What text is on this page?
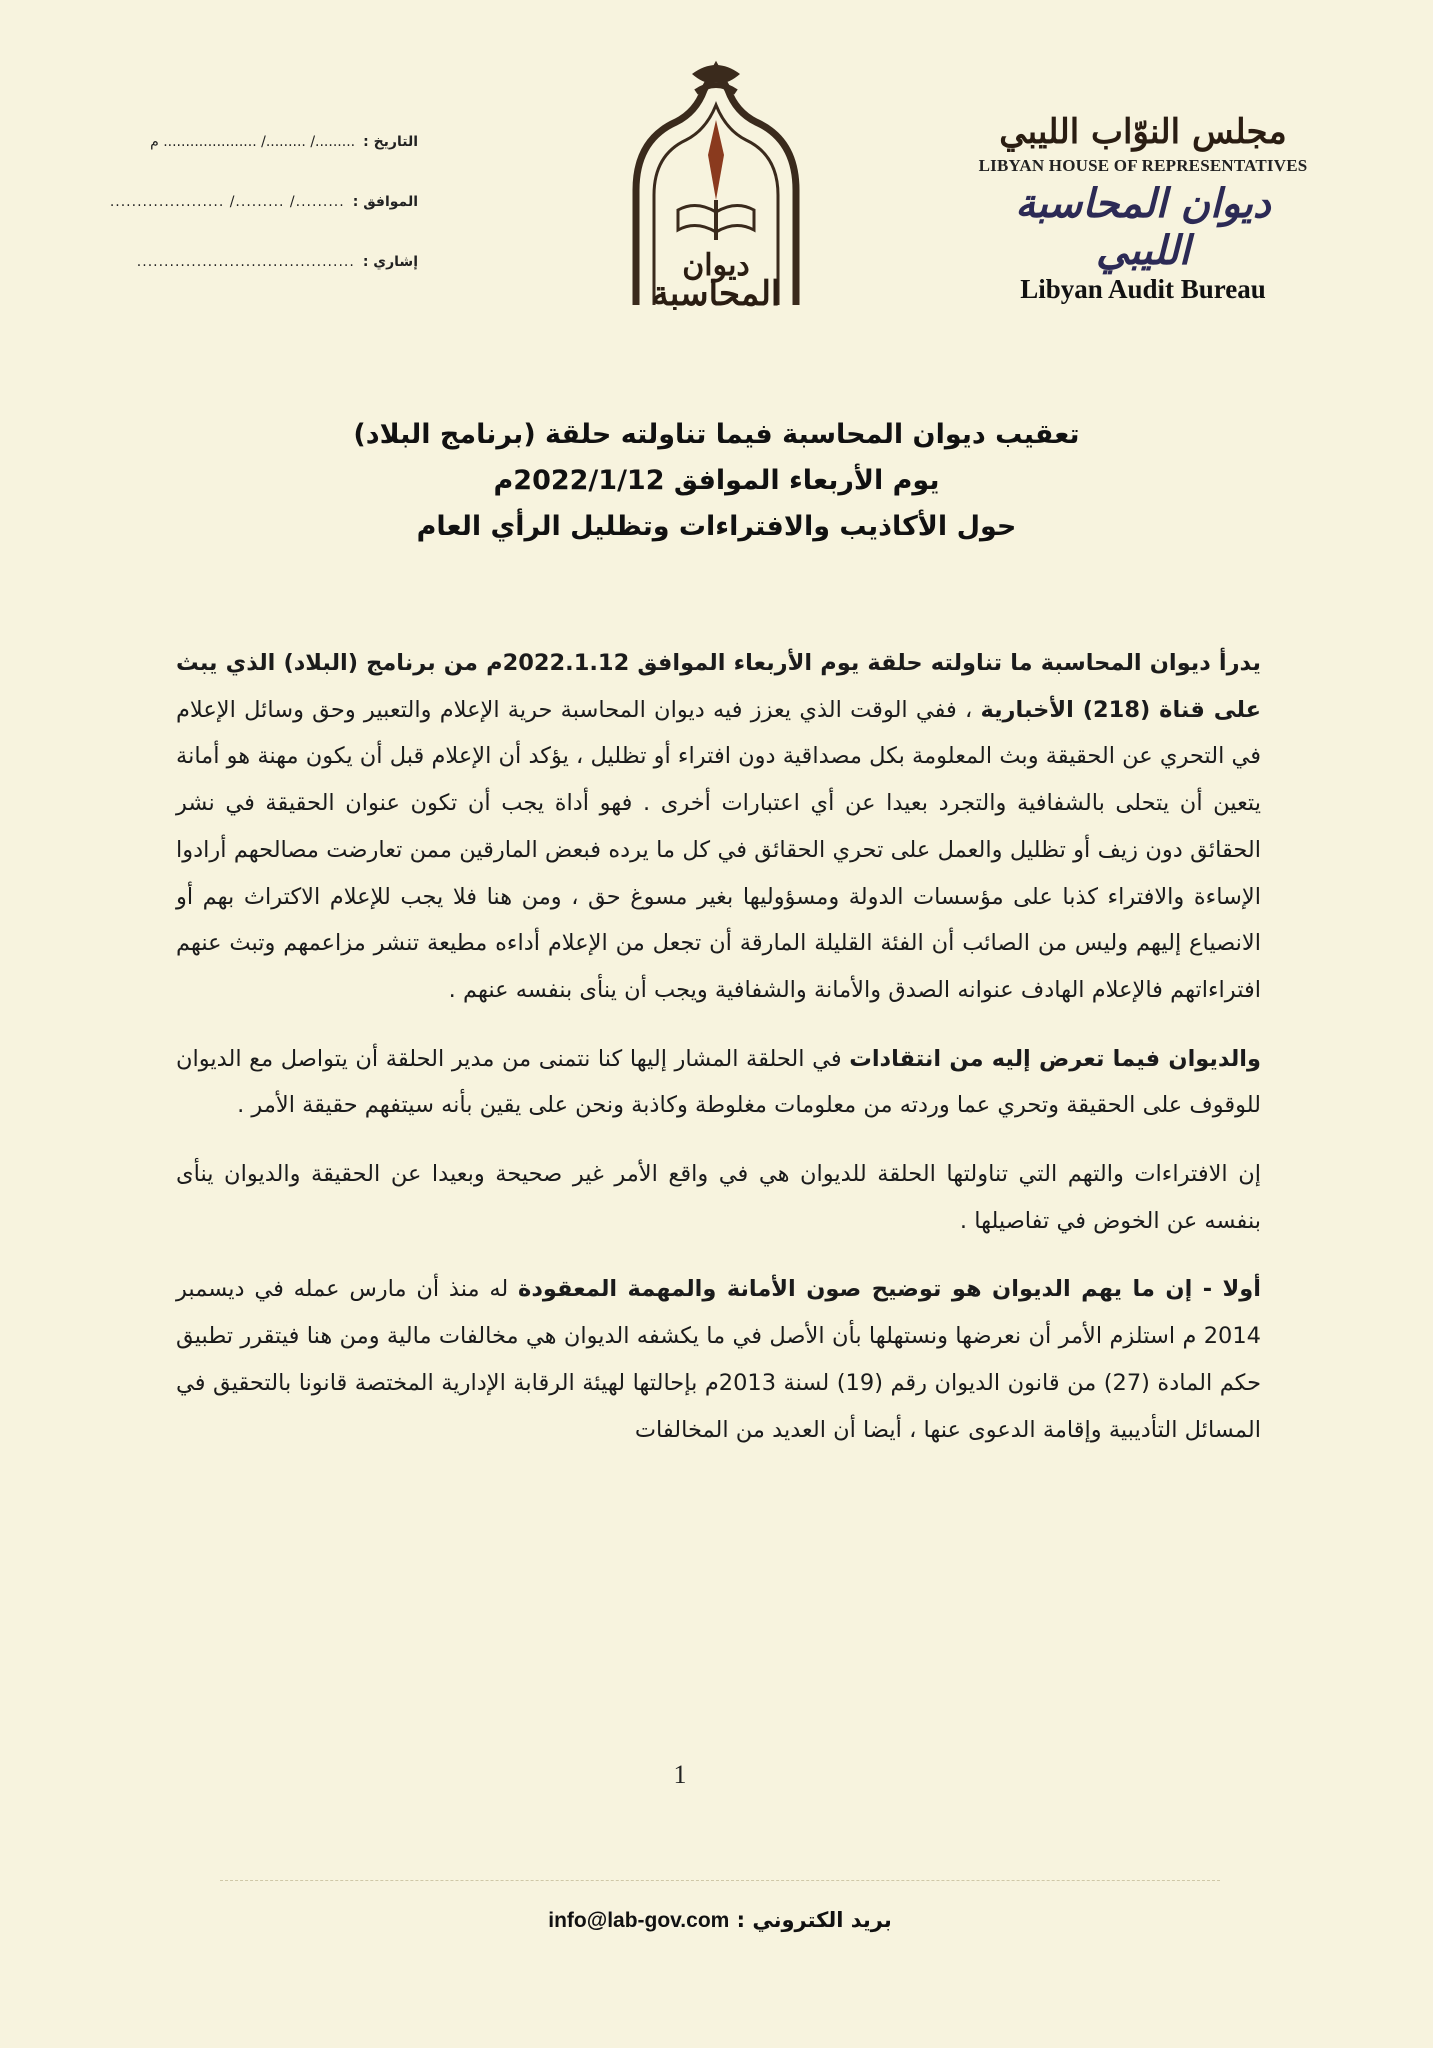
مجلس النوّاب الليبي
LIBYAN HOUSE OF REPRESENTATIVES
ديوان المحاسبة الليبي
Libyan Audit Bureau
ديوان
المحاسبة
التاريخ :
........./ ........./ ..................... م
الموافق :
........./ ........./ .....................
إشاري :
........................................
تعقيب ديوان المحاسبة فيما تناولته حلقة (برنامج البلاد)
يوم الأربعاء الموافق 2022/1/12م
حول الأكاذيب والافتراءات وتظليل الرأي العام

يدرأ ديوان المحاسبة ما تناولته حلقة يوم الأربعاء الموافق 2022.1.12م من برنامج (البلاد) الذي يبث على قناة (218) الأخبارية ، ففي الوقت الذي يعزز فيه ديوان المحاسبة حرية الإعلام والتعبير وحق وسائل الإعلام في التحري عن الحقيقة وبث المعلومة بكل مصداقية دون افتراء أو تظليل ، يؤكد أن الإعلام قبل أن يكون مهنة هو أمانة يتعين أن يتحلى بالشفافية والتجرد بعيدا عن أي اعتبارات أخرى . فهو أداة يجب أن تكون عنوان الحقيقة في نشر الحقائق دون زيف أو تظليل والعمل على تحري الحقائق في كل ما يرده فبعض المارقين ممن تعارضت مصالحهم أرادوا الإساءة والافتراء كذبا على مؤسسات الدولة ومسؤوليها بغير مسوغ حق ، ومن هنا فلا يجب للإعلام الاكتراث بهم أو الانصياع إليهم وليس من الصائب أن الفئة القليلة المارقة أن تجعل من الإعلام أداءه مطيعة تنشر مزاعمهم وتبث عنهم افتراءاتهم فالإعلام الهادف عنوانه الصدق والأمانة والشفافية ويجب أن ينأى بنفسه عنهم .

والديوان فيما تعرض إليه من انتقادات في الحلقة المشار إليها كنا نتمنى من مدير الحلقة أن يتواصل مع الديوان للوقوف على الحقيقة وتحري عما وردته من معلومات مغلوطة وكاذبة ونحن على يقين بأنه سيتفهم حقيقة الأمر .

إن الافتراءات والتهم التي تناولتها الحلقة للديوان هي في واقع الأمر غير صحيحة وبعيدا عن الحقيقة والديوان ينأى بنفسه عن الخوض في تفاصيلها .

أولا - إن ما يهم الديوان هو توضيح صون الأمانة والمهمة المعقودة له منذ أن مارس عمله في ديسمبر 2014 م استلزم الأمر أن نعرضها ونستهلها بأن الأصل في ما يكشفه الديوان هي مخالفات مالية ومن هنا فيتقرر تطبيق حكم المادة (27) من قانون الديوان رقم (19) لسنة 2013م بإحالتها لهيئة الرقابة الإدارية المختصة قانونا بالتحقيق في المسائل التأديبية وإقامة الدعوى عنها ، أيضا أن العديد من المخالفات

1
بريد الكتروني : info@lab-gov.com
